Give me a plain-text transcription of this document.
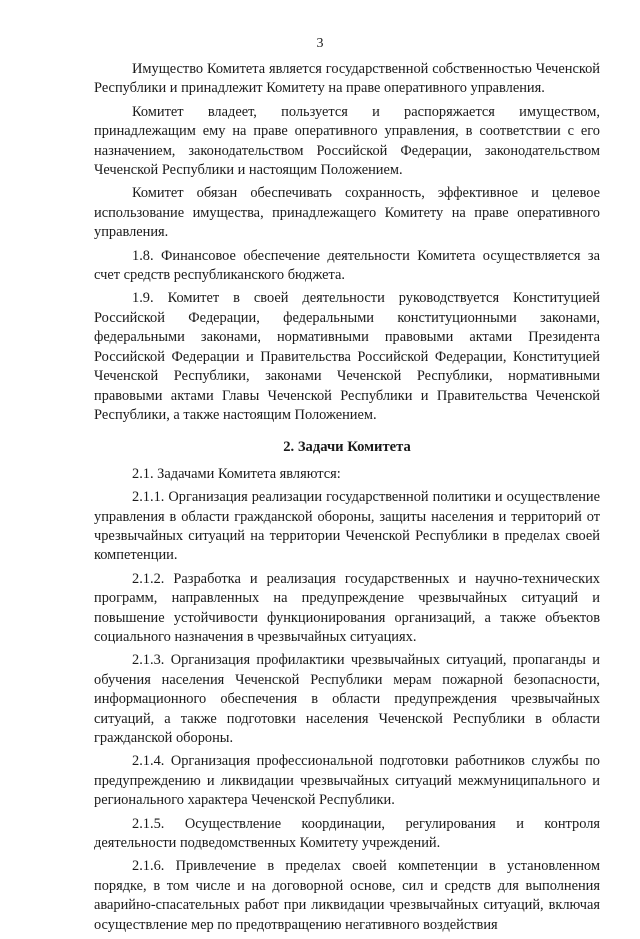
3

Имущество Комитета является государственной собственностью Чеченской Республики и принадлежит Комитету на праве оперативного управления.

Комитет владеет, пользуется и распоряжается имуществом, принадлежащим ему на праве оперативного управления, в соответствии с его назначением, законодательством Российской Федерации, законодательством Чеченской Республики и настоящим Положением.

Комитет обязан обеспечивать сохранность, эффективное и целевое использование имущества, принадлежащего Комитету на праве оперативного управления.

1.8. Финансовое обеспечение деятельности Комитета осуществляется за счет средств республиканского бюджета.

1.9. Комитет в своей деятельности руководствуется Конституцией Российской Федерации, федеральными конституционными законами, федеральными законами, нормативными правовыми актами Президента Российской Федерации и Правительства Российской Федерации, Конституцией Чеченской Республики, законами Чеченской Республики, нормативными правовыми актами Главы Чеченской Республики и Правительства Чеченской Республики, а также настоящим Положением.

2. Задачи Комитета

2.1. Задачами Комитета являются:

2.1.1. Организация реализации государственной политики и осуществление управления в области гражданской обороны, защиты населения и территорий от чрезвычайных ситуаций на территории Чеченской Республики в пределах своей компетенции.

2.1.2. Разработка и реализация государственных и научно-технических программ, направленных на предупреждение чрезвычайных ситуаций и повышение устойчивости функционирования организаций, а также объектов социального назначения в чрезвычайных ситуациях.

2.1.3. Организация профилактики чрезвычайных ситуаций, пропаганды и обучения населения Чеченской Республики мерам пожарной безопасности, информационного обеспечения в области предупреждения чрезвычайных ситуаций, а также подготовки населения Чеченской Республики в области гражданской обороны.

2.1.4. Организация профессиональной подготовки работников службы по предупреждению и ликвидации чрезвычайных ситуаций межмуниципального и регионального характера Чеченской Республики.

2.1.5. Осуществление координации, регулирования и контроля деятельности подведомственных Комитету учреждений.

2.1.6. Привлечение в пределах своей компетенции в установленном порядке, в том числе и на договорной основе, сил и средств для выполнения аварийно-спасательных работ при ликвидации чрезвычайных ситуаций, включая осуществление мер по предотвращению негативного воздействия
